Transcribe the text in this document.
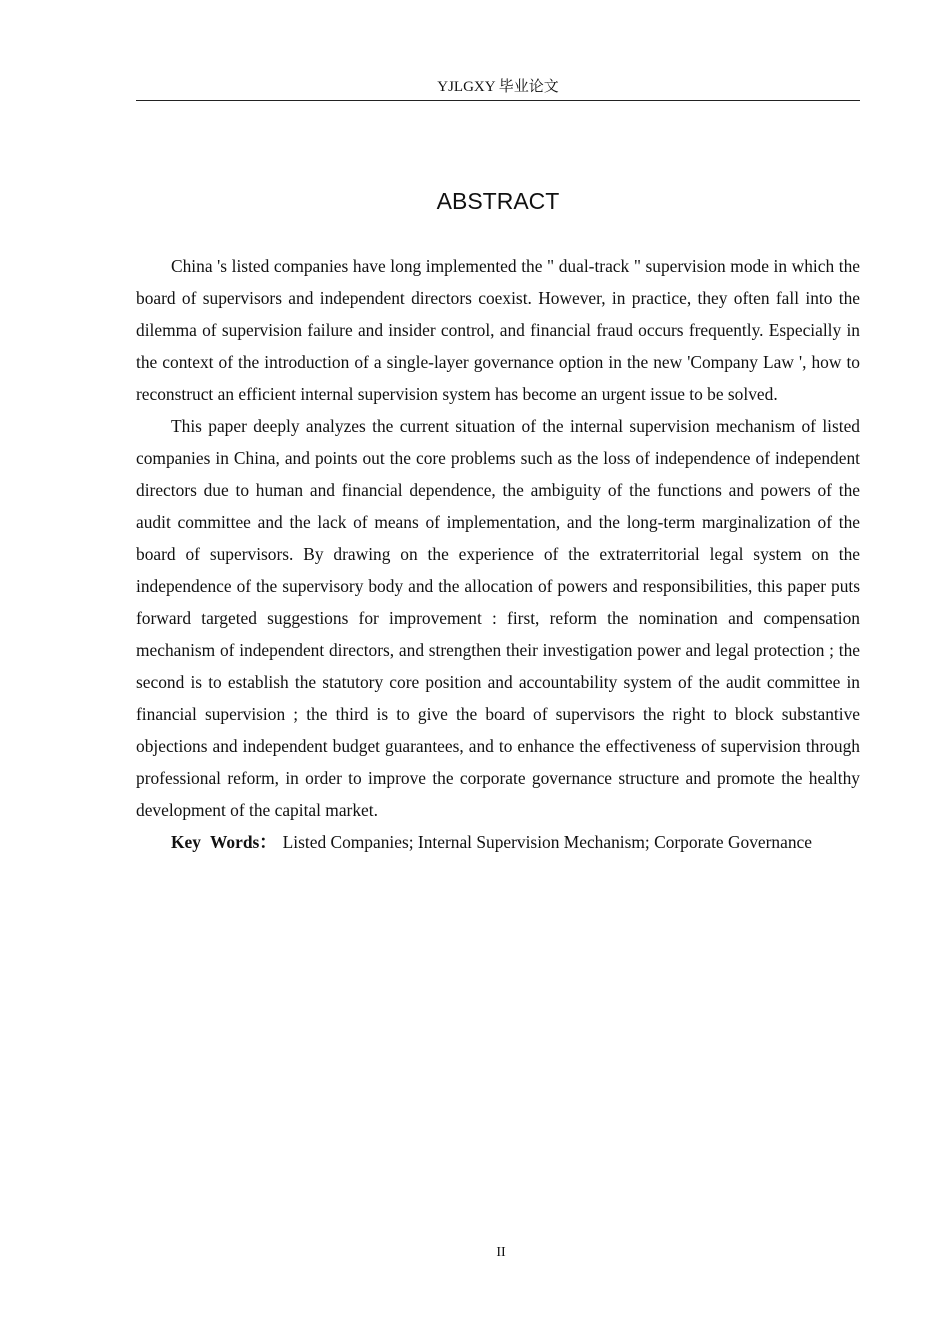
YJLGXY 毕业论文
ABSTRACT

China 's listed companies have long implemented the " dual-track " supervision mode in which the board of supervisors and independent directors coexist. However, in practice, they often fall into the dilemma of supervision failure and insider control, and financial fraud occurs frequently. Especially in the context of the introduction of a single-layer governance option in the new 'Company Law ', how to reconstruct an efficient internal supervision system has become an urgent issue to be solved.

This paper deeply analyzes the current situation of the internal supervision mechanism of listed companies in China, and points out the core problems such as the loss of independence of independent directors due to human and financial dependence, the ambiguity of the functions and powers of the audit committee and the lack of means of implementation, and the long-term marginalization of the board of supervisors. By drawing on the experience of the extraterritorial legal system on the independence of the supervisory body and the allocation of powers and responsibilities, this paper puts forward targeted suggestions for improvement : first, reform the nomination and compensation mechanism of independent directors, and strengthen their investigation power and legal protection ; the second is to establish the statutory core position and accountability system of the audit committee in financial supervision ; the third is to give the board of supervisors the right to block substantive objections and independent budget guarantees, and to enhance the effectiveness of supervision through professional reform, in order to improve the corporate governance structure and promote the healthy development of the capital market.

Key Words： Listed Companies; Internal Supervision Mechanism; Corporate Governance

II
